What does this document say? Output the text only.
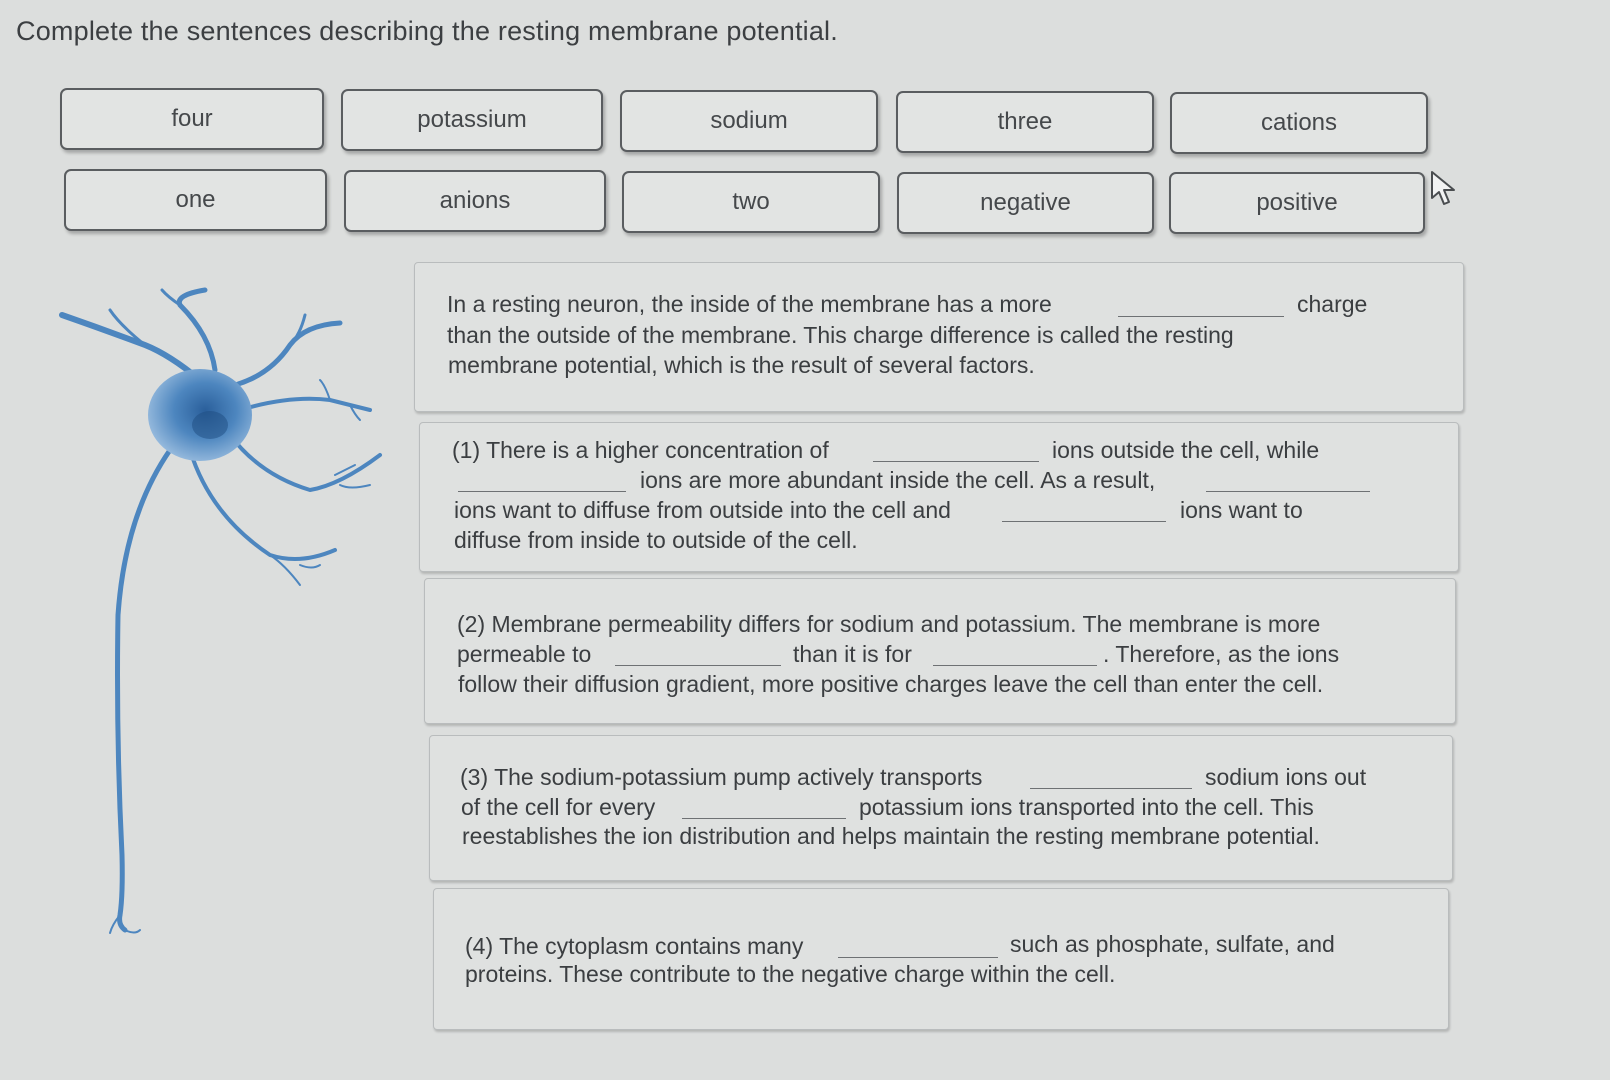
Complete the sentences describing the resting membrane potential.
four	potassium	sodium	three	cations
one	anions	two	negative	positive
In a resting neuron, the inside of the membrane has a more	charge
than the outside of the membrane. This charge difference is called the resting
membrane potential, which is the result of several factors.
(1) There is a higher concentration of	ions outside the cell, while
ions are more abundant inside the cell. As a result,
ions want to diffuse from outside into the cell and	ions want to
diffuse from inside to outside of the cell.
(2) Membrane permeability differs for sodium and potassium. The membrane is more
permeable to	than it is for	. Therefore, as the ions
follow their diffusion gradient, more positive charges leave the cell than enter the cell.
(3) The sodium-potassium pump actively transports	sodium ions out
of the cell for every	potassium ions transported into the cell. This
reestablishes the ion distribution and helps maintain the resting membrane potential.
(4) The cytoplasm contains many	such as phosphate, sulfate, and
proteins. These contribute to the negative charge within the cell.
